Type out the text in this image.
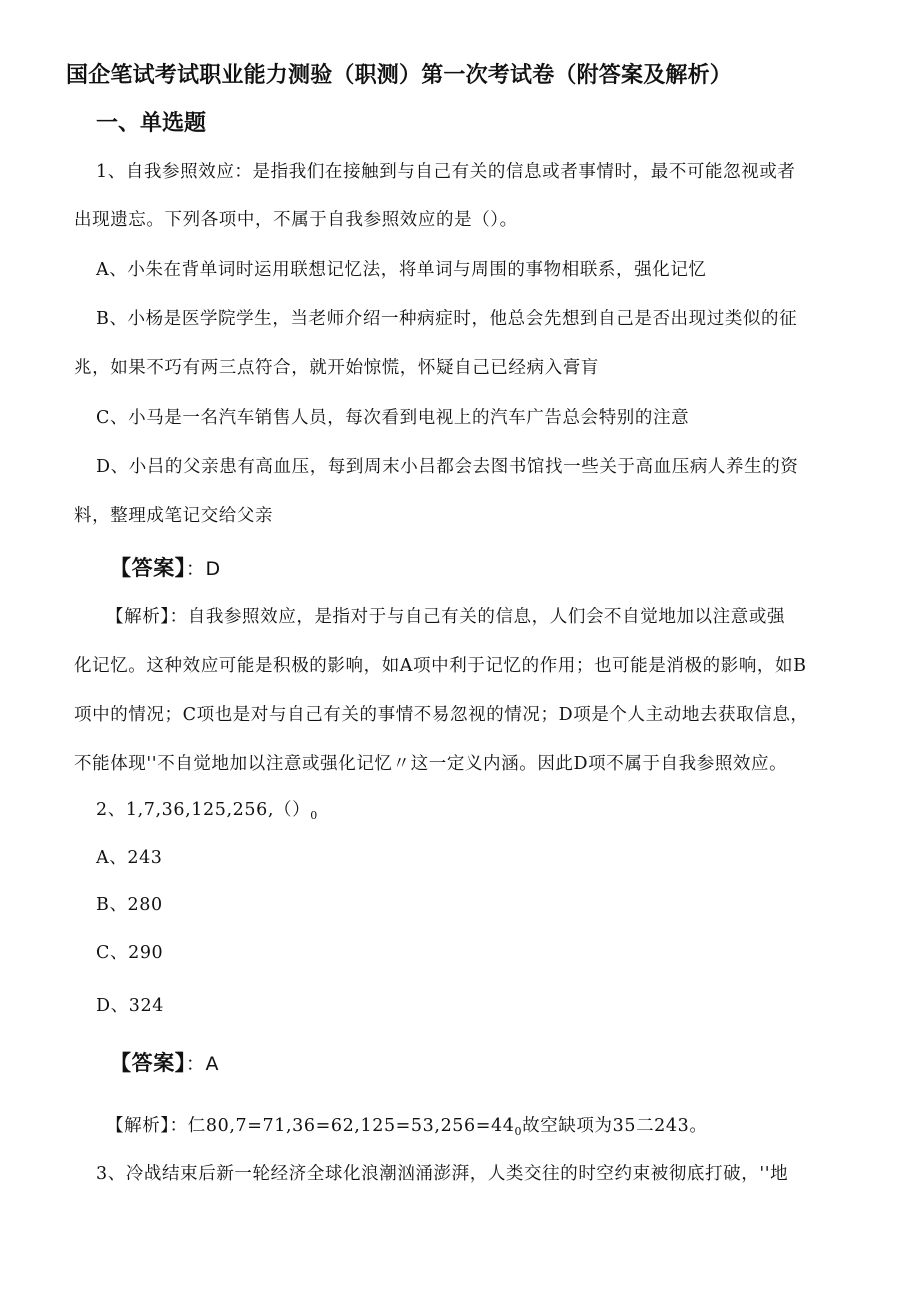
国企笔试考试职业能力测验（职测）第一次考试卷（附答案及解析）
一、单选题
1、自我参照效应：是指我们在接触到与自己有关的信息或者事情时，最不可能忽视或者
出现遗忘。下列各项中，不属于自我参照效应的是（）。
A、小朱在背单词时运用联想记忆法，将单词与周围的事物相联系，强化记忆
B、小杨是医学院学生，当老师介绍一种病症时，他总会先想到自己是否出现过类似的征
兆，如果不巧有两三点符合，就开始惊慌，怀疑自己已经病入膏肓
C、小马是一名汽车销售人员，每次看到电视上的汽车广告总会特别的注意
D、小吕的父亲患有高血压，每到周末小吕都会去图书馆找一些关于高血压病人养生的资
料，整理成笔记交给父亲
【答案】：D
【解析】：自我参照效应，是指对于与自己有关的信息，人们会不自觉地加以注意或强
化记忆。这种效应可能是积极的影响，如A项中利于记忆的作用；也可能是消极的影响，如B
项中的情况；C项也是对与自己有关的事情不易忽视的情况；D项是个人主动地去获取信息，
不能体现''不自觉地加以注意或强化记忆〃这一定义内涵。因此D项不属于自我参照效应。
2、$1,7,36,125,256,()_0$
A、243
B、280
C、290
D、324
【答案】：A
【解析】：仁$80,7=71,36=62,125=53,256=44_0$故空缺项为35二243。
3、冷战结束后新一轮经济全球化浪潮汹涌澎湃，人类交往的时空约束被彻底打破，''地
